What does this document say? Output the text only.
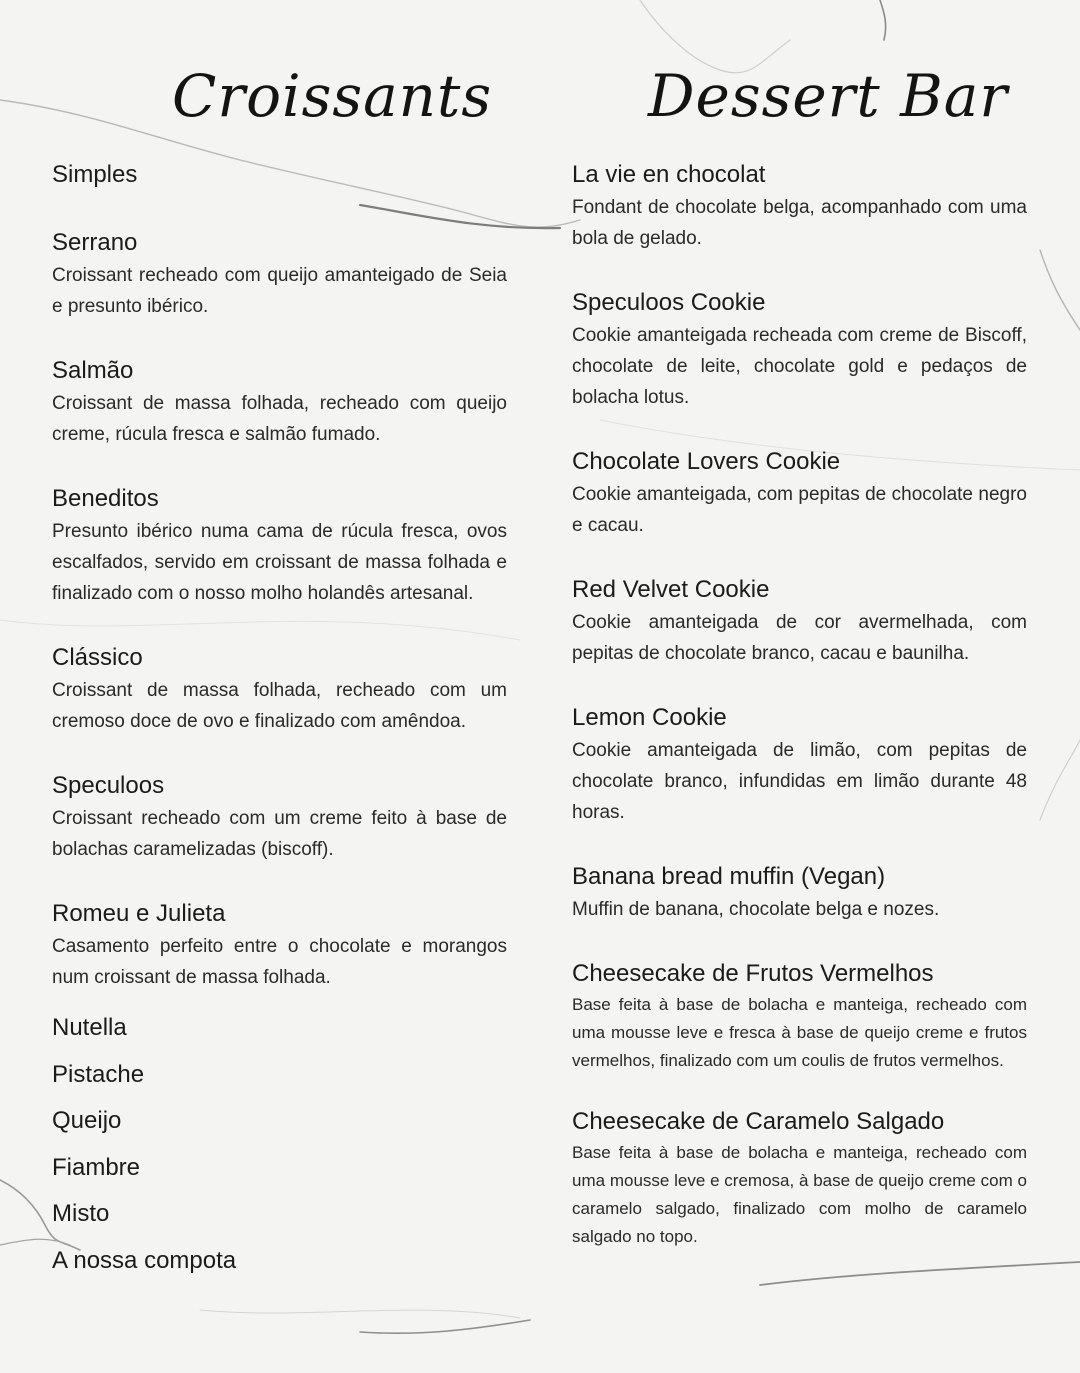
Croissants	Dessert Bar
Simples
Serrano
Croissant recheado com queijo amanteigado de Seia e presunto ibérico.
Salmão
Croissant de massa folhada, recheado com queijo creme, rúcula fresca e salmão fumado.
Beneditos
Presunto ibérico numa cama de rúcula fresca, ovos escalfados, servido em croissant de massa folhada e finalizado com o nosso molho holandês artesanal.
Clássico
Croissant de massa folhada, recheado com um cremoso doce de ovo e finalizado com amêndoa.
Speculoos
Croissant recheado com um creme feito à base de bolachas caramelizadas (biscoff).
Romeu e Julieta
Casamento perfeito entre o chocolate e morangos num croissant de massa folhada.
Nutella
Pistache
Queijo
Fiambre
Misto
A nossa compota
La vie en chocolat
Fondant de chocolate belga, acompanhado com uma bola de gelado.
Speculoos Cookie
Cookie amanteigada recheada com creme de Biscoff, chocolate de leite, chocolate gold e pedaços de bolacha lotus.
Chocolate Lovers Cookie
Cookie amanteigada, com pepitas de chocolate negro e cacau.
Red Velvet Cookie
Cookie amanteigada de cor avermelhada, com pepitas de chocolate branco, cacau e baunilha.
Lemon Cookie
Cookie amanteigada de limão, com pepitas de chocolate branco, infundidas em limão durante 48 horas.
Banana bread muffin (Vegan)
Muffin de banana, chocolate belga e nozes.
Cheesecake de Frutos Vermelhos
Base feita à base de bolacha e manteiga, recheado com uma mousse leve e fresca à base de queijo creme e frutos vermelhos, finalizado com um coulis de frutos vermelhos.
Cheesecake de Caramelo Salgado
Base feita à base de bolacha e manteiga, recheado com uma mousse leve e cremosa, à base de queijo creme com o caramelo salgado, finalizado com molho de caramelo salgado no topo.
